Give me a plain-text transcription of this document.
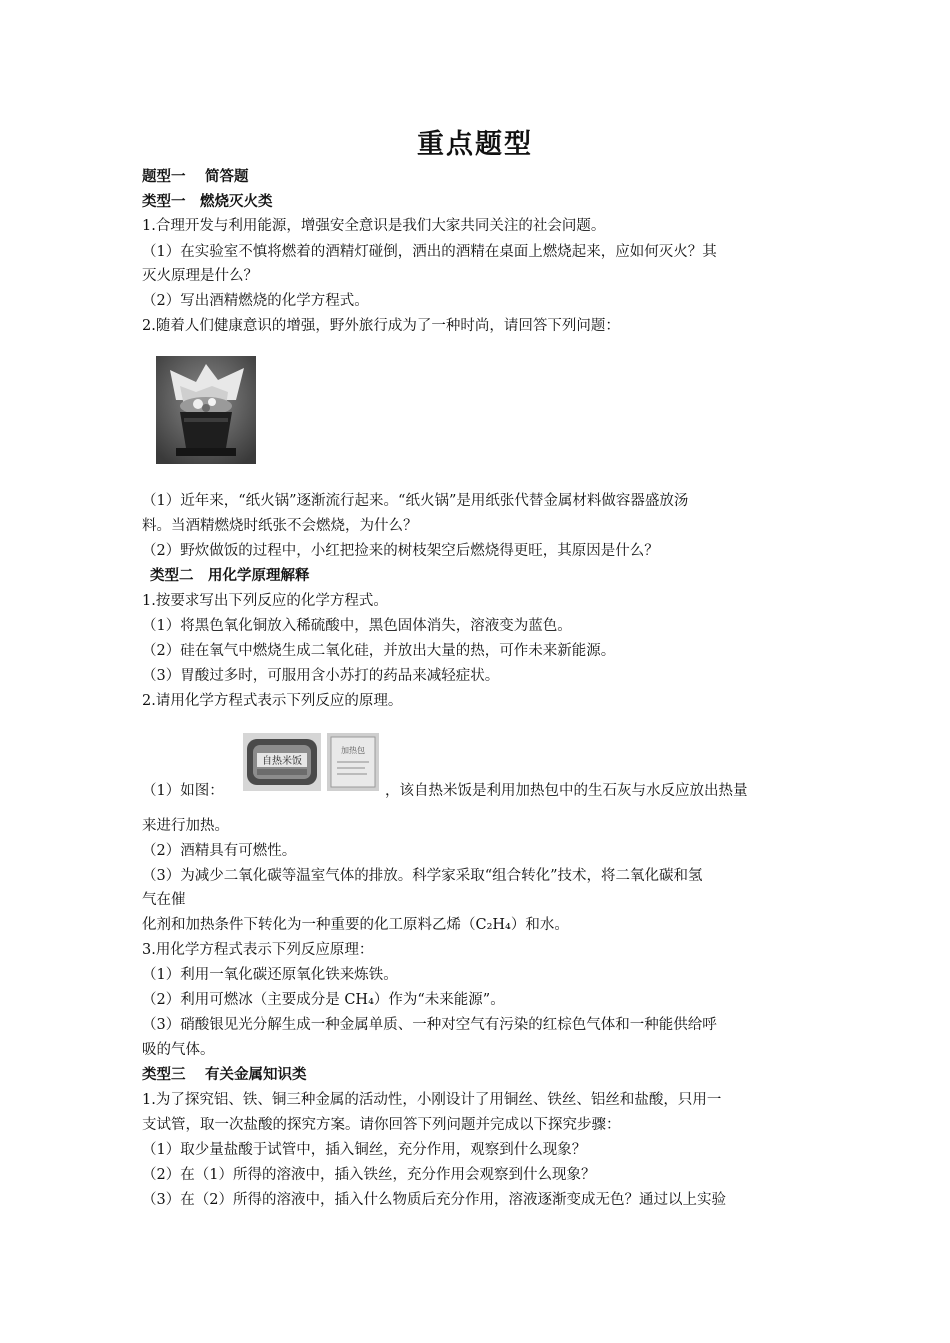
重点题型
题型一　 简答题
类型一　燃烧灭火类
1.合理开发与利用能源，增强安全意识是我们大家共同关注的社会问题。
（1）在实验室不慎将燃着的酒精灯碰倒，洒出的酒精在桌面上燃烧起来，应如何灭火？其
灭火原理是什么？
（2）写出酒精燃烧的化学方程式。
2.随着人们健康意识的增强，野外旅行成为了一种时尚，请回答下列问题：
（1）近年来，“纸火锅”逐渐流行起来。“纸火锅”是用纸张代替金属材料做容器盛放汤
料。当酒精燃烧时纸张不会燃烧，为什么？
（2）野炊做饭的过程中，小红把捡来的树枝架空后燃烧得更旺，其原因是什么？
类型二　用化学原理解释
1.按要求写出下列反应的化学方程式。
（1）将黑色氧化铜放入稀硫酸中，黑色固体消失，溶液变为蓝色。
（2）硅在氧气中燃烧生成二氧化硅，并放出大量的热，可作未来新能源。
（3）胃酸过多时，可服用含小苏打的药品来减轻症状。
2.请用化学方程式表示下列反应的原理。
自热米饭
加热包
（1）如图：	，该自热米饭是利用加热包中的生石灰与水反应放出热量
来进行加热。
（2）酒精具有可燃性。
（3）为减少二氧化碳等温室气体的排放。科学家采取“组合转化”技术，将二氧化碳和氢
气在催
化剂和加热条件下转化为一种重要的化工原料乙烯（C₂H₄）和水。
3.用化学方程式表示下列反应原理：
（1）利用一氧化碳还原氧化铁来炼铁。
（2）利用可燃冰（主要成分是 CH₄）作为“未来能源”。
（3）硝酸银见光分解生成一种金属单质、一种对空气有污染的红棕色气体和一种能供给呼
吸的气体。
类型三　 有关金属知识类
1.为了探究铝、铁、铜三种金属的活动性，小刚设计了用铜丝、铁丝、铝丝和盐酸，只用一
支试管，取一次盐酸的探究方案。请你回答下列问题并完成以下探究步骤：
（1）取少量盐酸于试管中，插入铜丝，充分作用，观察到什么现象？
（2）在（1）所得的溶液中，插入铁丝，充分作用会观察到什么现象？
（3）在（2）所得的溶液中，插入什么物质后充分作用，溶液逐渐变成无色？通过以上实验
